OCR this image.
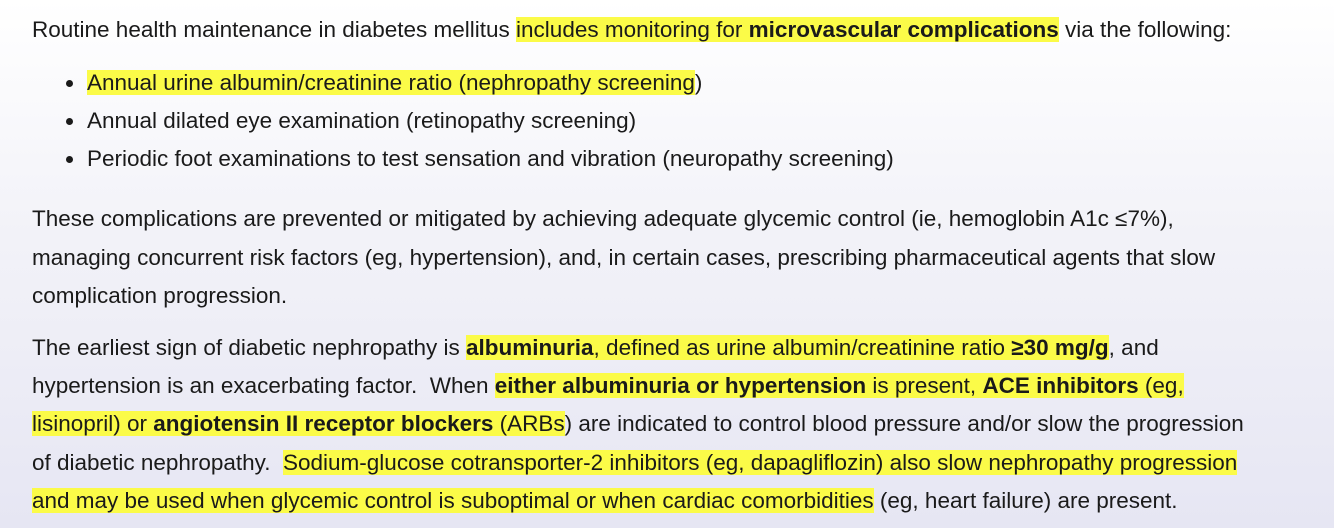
Routine health maintenance in diabetes mellitus includes monitoring for microvascular complications via the following:
Annual urine albumin/creatinine ratio (nephropathy screening)
Annual dilated eye examination (retinopathy screening)
Periodic foot examinations to test sensation and vibration (neuropathy screening)
These complications are prevented or mitigated by achieving adequate glycemic control (ie, hemoglobin A1c ≤7%),
managing concurrent risk factors (eg, hypertension), and, in certain cases, prescribing pharmaceutical agents that slow
complication progression.
The earliest sign of diabetic nephropathy is albuminuria, defined as urine albumin/creatinine ratio ≥30 mg/g, and
hypertension is an exacerbating factor.  When either albuminuria or hypertension is present, ACE inhibitors (eg,
lisinopril) or angiotensin II receptor blockers (ARBs) are indicated to control blood pressure and/or slow the progression
of diabetic nephropathy.  Sodium-glucose cotransporter-2 inhibitors (eg, dapagliflozin) also slow nephropathy progression
and may be used when glycemic control is suboptimal or when cardiac comorbidities (eg, heart failure) are present.
